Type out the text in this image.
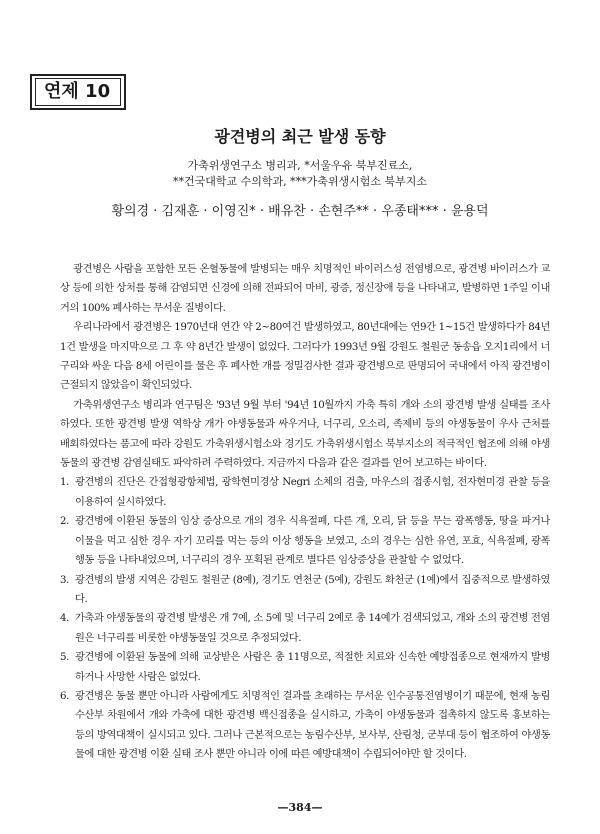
연제 10
광견병의 최근 발생 동향
가축위생연구소 병리과, *서울우유 북부진료소,
**건국대학교 수의학과, ***가축위생시험소 북부지소
황의경 · 김재훈 · 이영진* · 배유찬 · 손현주** · 우종태*** · 윤용덕

광견병은 사람을 포함한 모든 온혈동물에 발병되는 매우 치명적인 바이러스성 전염병으로, 광견병 바이러스가 교상 등에 의한 상처를 통해 감염되면 신경에 의해 전파되어 마비, 광증, 정신장애 등을 나타내고, 발병하면 1주일 이내 거의 100% 폐사하는 무서운 질병이다.

우리나라에서 광견병은 1970년대 연간 약 2~80여건 발생하였고, 80년대에는 연9간 1~15건 발생하다가 84년 1건 발생을 마지막으로 그 후 약 8년간 발생이 없었다. 그러다가 1993년 9월 강원도 철원군 동송읍 오지1리에서 너구리와 싸운 다음 8세 어린이를 물은 후 폐사한 개를 정밀검사한 결과 광견병으로 판명되어 국내에서 아직 광견병이 근절되지 않았음이 확인되었다.

가축위생연구소 병리과 연구팀은 '93년 9월 부터 '94년 10월까지 가축 특히 개와 소의 광견병 발생 실태를 조사하였다. 또한 광견병 발생 역학상 개가 야생동물과 싸우거나, 너구리, 오소리, 족제비 등의 야생동물이 우사 근처를 배회하였다는 품고에 따라 강원도 가축위생시험소와 경기도 가축위생시험소 북부지소의 적극적인 협조에 의해 야생동물의 광견병 감염실태도 파악하려 주력하였다. 지금까지 다음과 같은 결과를 얻어 보고하는 바이다.

1. 광견병의 진단은 간접형광항체법, 광학현미경상 Negri 소체의 검출, 마우스의 접종시험, 전자현미경 관찰 등을 이용하여 실시하였다.
2. 광견병에 이환된 동물의 임상 증상으로 개의 경우 식욕절폐, 다른 개, 오리, 닭 등을 무는 광폭행동, 땅을 파거나 이물을 먹고 심한 경우 자기 꼬리를 먹는 등의 이상 행동을 보였고, 소의 경우는 심한 유연, 포효, 식욕절폐, 광폭행동 등을 나타내었으며, 너구리의 경우 포획된 관계로 별다른 임상증상을 관찰할 수 없었다.
3. 광견병의 발생 지역은 강원도 철원군 (8예), 경기도 연천군 (5예), 강원도 화천군 (1예)에서 집중적으로 발생하였다.
4. 가축과 야생동물의 광견병 발생은 개 7예, 소 5예 및 너구리 2예로 총 14예가 검색되었고, 개와 소의 광견병 전염원은 너구리를 비롯한 야생동물일 것으로 추정되었다.
5. 광견병에 이환된 동물에 의해 교상받은 사람은 총 11명으로, 적절한 치료와 신속한 예방접종으로 현재까지 발병하거나 사망한 사람은 없었다.
6. 광견병은 동물 뿐만 아니라 사람에게도 치명적인 결과를 초래하는 무서운 인수공통전염병이기 때문에, 현재 농림수산부 차원에서 개와 가축에 대한 광견병 백신접종을 실시하고, 가축이 야생동물과 접촉하지 않도록 홍보하는 등의 방역대책이 실시되고 있다. 그러나 근본적으로는 농림수산부, 보사부, 산림청, 군부대 등이 협조하여 야생동물에 대한 광견병 이환 실태 조사 뿐만 아니라 이에 따른 예방대책이 수립되어야만 할 것이다.
—384—
